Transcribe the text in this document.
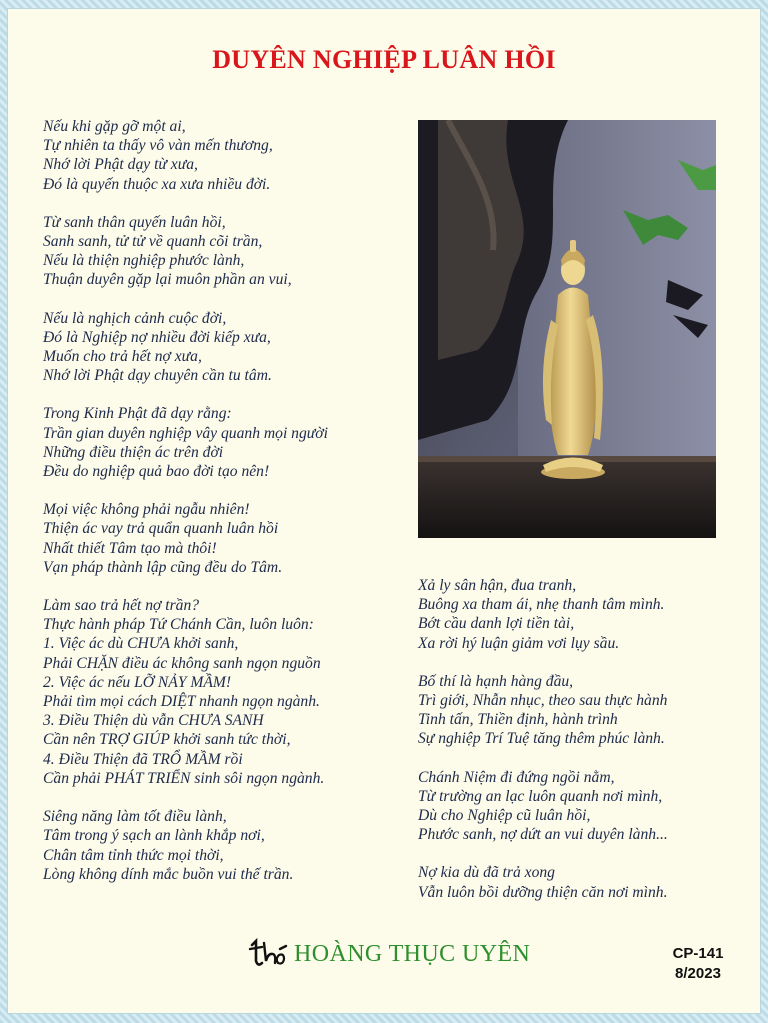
DUYÊN NGHIỆP LUÂN HỒI
Nếu khi gặp gỡ một ai,
Tự nhiên ta thấy vô vàn mến thương,
Nhớ lời Phật dạy từ xưa,
Đó là quyến thuộc xa xưa nhiều đời.
Từ sanh thân quyến luân hồi,
Sanh sanh, tử tử về quanh cõi trần,
Nếu là thiện nghiệp phước lành,
Thuận duyên gặp lại muôn phần an vui,
Nếu là nghịch cảnh cuộc đời,
Đó là Nghiệp nợ nhiều đời kiếp xưa,
Muốn cho trả hết nợ xưa,
Nhớ lời Phật dạy chuyên cần tu tâm.
Trong Kinh Phật đã dạy rằng:
Trần gian duyên nghiệp vây quanh mọi người
Những điều thiện ác trên đời
Đều do nghiệp quả bao đời tạo nên!
Mọi việc không phải ngẫu nhiên!
Thiện ác vay trả quẩn quanh luân hồi
Nhất thiết Tâm tạo mà thôi!
Vạn pháp thành lập cũng đều do Tâm.
Làm sao trả hết nợ trần?
Thực hành pháp Tứ Chánh Cần, luôn luôn:
1. Việc ác dù CHƯA khởi sanh,
Phải CHẶN điều ác không sanh ngọn nguồn
2. Việc ác nếu LỠ NẢY MẦM!
Phải tìm mọi cách DIỆT nhanh ngọn ngành.
3. Điều Thiện dù vẫn CHƯA SANH
Cần nên TRỢ GIÚP khởi sanh tức thời,
4. Điều Thiện đã TRỔ MẦM rồi
Cần phải PHÁT TRIỂN sinh sôi ngọn ngành.
Siêng năng làm tốt điều lành,
Tâm trong ý sạch an lành khắp nơi,
Chân tâm tỉnh thức mọi thời,
Lòng không dính mắc buồn vui thế trần.
Xả ly sân hận, đua tranh,
Buông xa tham ái, nhẹ thanh tâm mình.
Bớt cầu danh lợi tiền tài,
Xa rời hý luận giảm vơi lụy sầu.
Bố thí là hạnh hàng đầu,
Trì giới, Nhẫn nhục, theo sau thực hành
Tinh tấn, Thiền định, hành trình
Sự nghiệp Trí Tuệ tăng thêm phúc lành.
Chánh Niệm đi đứng ngồi nằm,
Từ trường an lạc luôn quanh nơi mình,
Dù cho Nghiệp cũ luân hồi,
Phước sanh, nợ dứt an vui duyên lành...
Nợ kia dù đã trả xong
Vẫn luôn bồi dưỡng thiện căn nơi mình.
HOÀNG THỤC UYÊN	CP-141
8/2023
